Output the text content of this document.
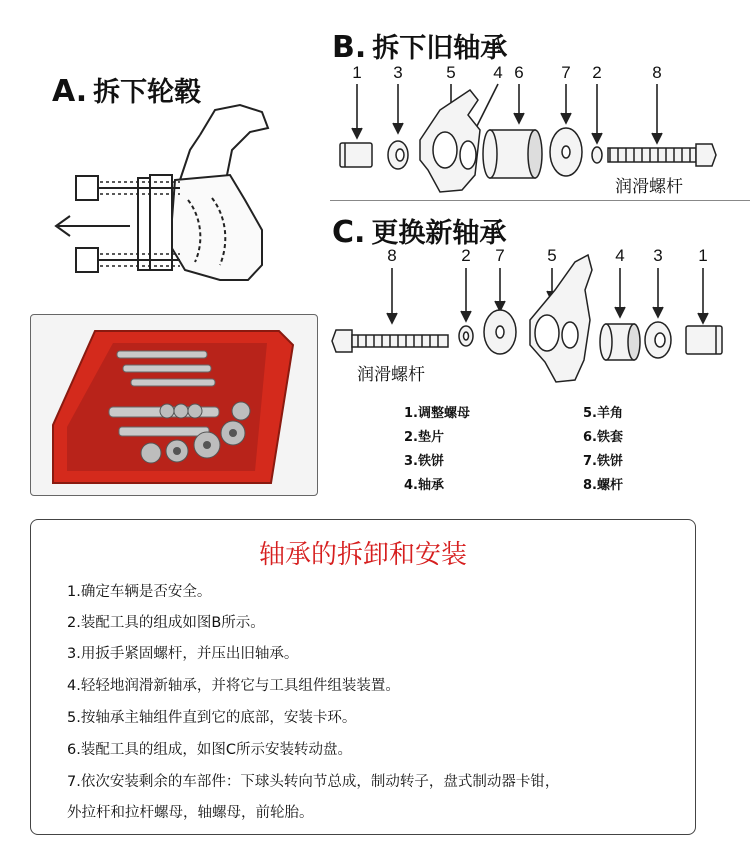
A. 拆下轮毂
B. 拆下旧轴承
1 3	5 4 6 7 2	8
润滑螺杆
C. 更换新轴承
8	2 7	5	4 3 1
润滑螺杆
1.调整螺母
2.垫片
3.铁饼
4.轴承
5.羊角
6.铁套
7.铁饼
8.螺杆
轴承的拆卸和安装
1.确定车辆是否安全。
2.装配工具的组成如图B所示。
3.用扳手紧固螺杆，并压出旧轴承。
4.轻轻地润滑新轴承，并将它与工具组件组装装置。
5.按轴承主轴组件直到它的底部，安装卡环。
6.装配工具的组成，如图C所示安装转动盘。
7.依次安装剩余的车部件：下球头转向节总成，制动转子，盘式制动器卡钳，
外拉杆和拉杆螺母，轴螺母，前轮胎。
